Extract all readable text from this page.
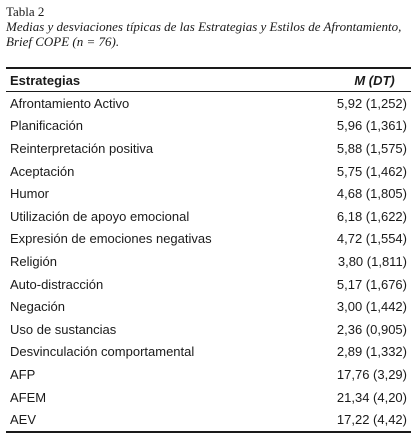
Tabla 2
Medias y desviaciones típicas de las Estrategias y Estilos de Afrontamiento, Brief COPE (n = 76).
Estrategias	M (DT)
Afrontamiento Activo	5,92 (1,252)
Planificación	5,96 (1,361)
Reinterpretación positiva	5,88 (1,575)
Aceptación	5,75 (1,462)
Humor	4,68 (1,805)
Utilización de apoyo emocional	6,18 (1,622)
Expresión de emociones negativas	4,72 (1,554)
Religión	3,80 (1,811)
Auto-distracción	5,17 (1,676)
Negación	3,00 (1,442)
Uso de sustancias	2,36 (0,905)
Desvinculación comportamental	2,89 (1,332)
AFP	17,76 (3,29)
AFEM	21,34 (4,20)
AEV	17,22 (4,42)
